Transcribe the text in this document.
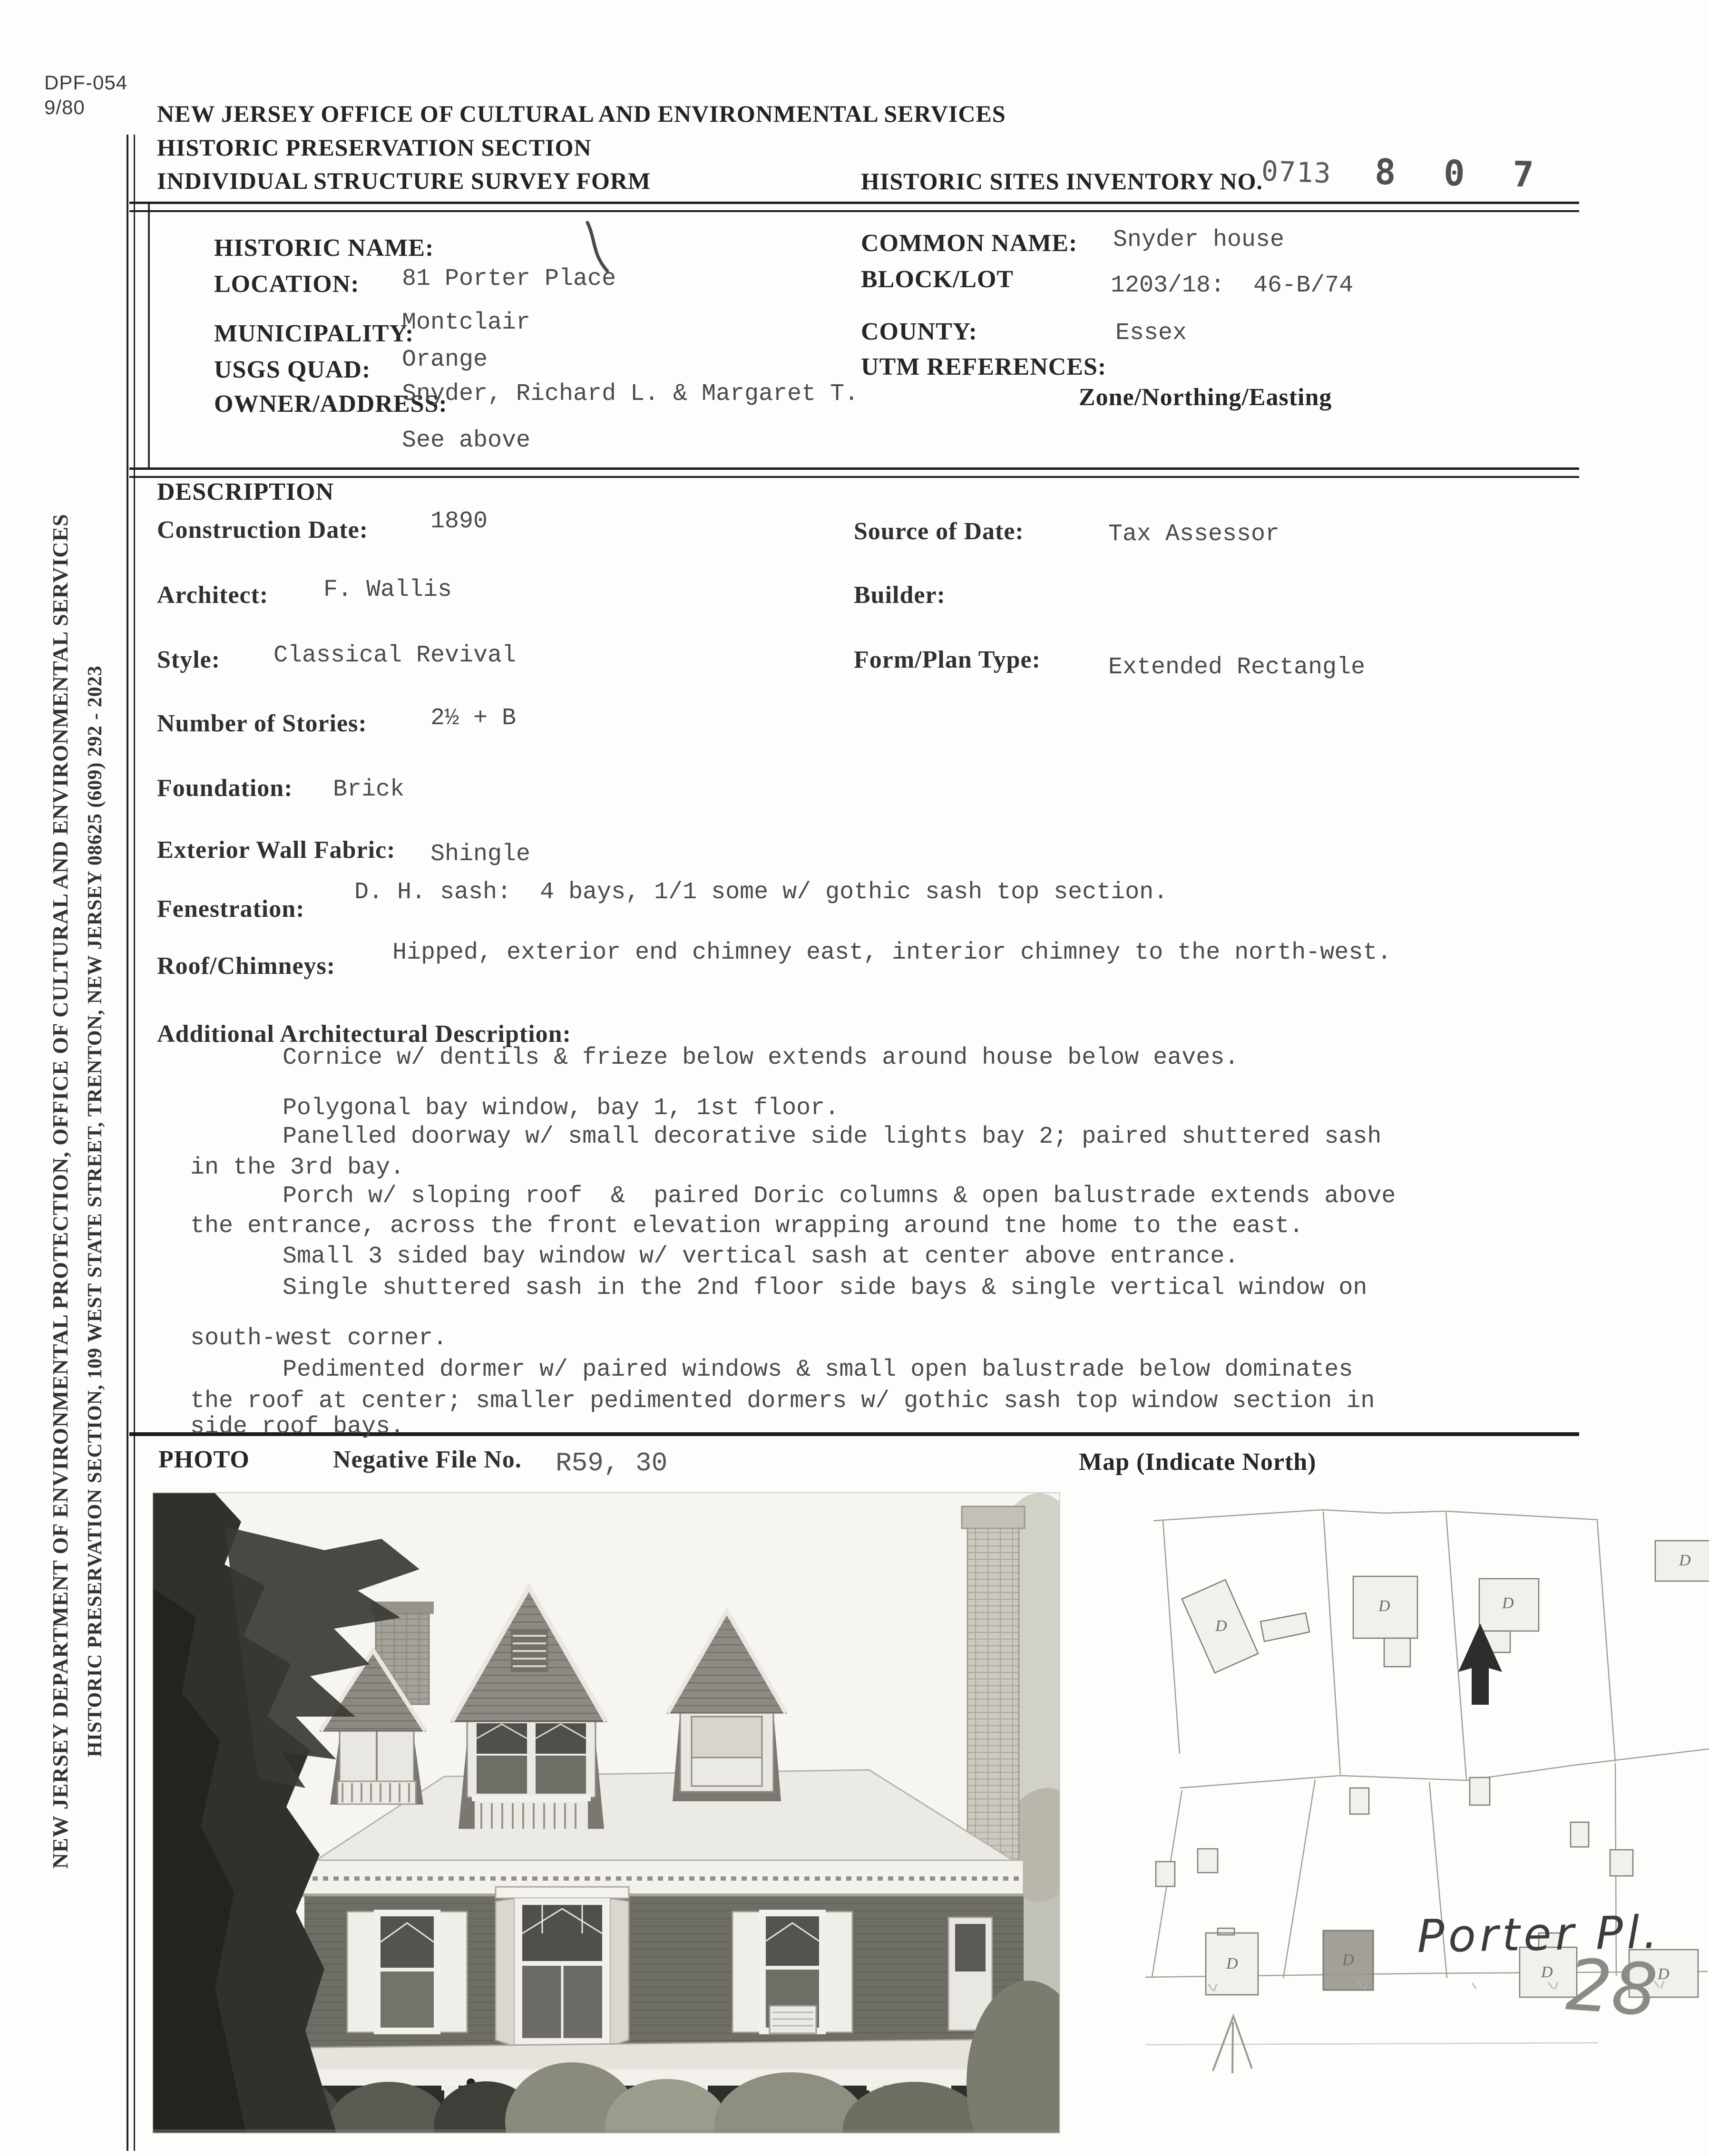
DPF-054
9/80	NEW JERSEY OFFICE OF CULTURAL AND ENVIRONMENTAL SERVICES
HISTORIC PRESERVATION SECTION
INDIVIDUAL STRUCTURE SURVEY FORM	HISTORIC SITES INVENTORY NO.
0713 8 0 7
NEW JERSEY DEPARTMENT OF ENVIRONMENTAL PROTECTION, OFFICE OF CULTURAL AND ENVIRONMENTAL SERVICES HISTORIC PRESERVATION SECTION, 109 WEST STATE STREET, TRENTON, NEW JERSEY 08625 (609) 292 - 2023
HISTORIC NAME:
LOCATION: 81 Porter Place
MUNICIPALITY:
Montclair
USGS QUAD: Orange
OWNER/ADDRESS:
Snyder, Richard L. & Margaret T.
See above
COMMON NAME: Snyder house
BLOCK/LOT	1203/18:  46-B/74
COUNTY:	Essex
UTM REFERENCES:
Zone/Northing/Easting
DESCRIPTION
Construction Date:	1890	Source of Date:	Tax Assessor
Architect: F. Wallis	Builder:
Style: Classical Revival	Form/Plan Type:	Extended Rectangle
Number of Stories:	2½ + B
Foundation: Brick
Exterior Wall Fabric: Shingle
Fenestration:
D. H. sash:  4 bays, 1/1 some w/ gothic sash top section.
Roof/Chimneys: Hipped, exterior end chimney east, interior chimney to the north-west.
Additional Architectural Description:
Cornice w/ dentils & frieze below extends around house below eaves.
Polygonal bay window, bay 1, 1st floor.
Panelled doorway w/ small decorative side lights bay 2; paired shuttered sash
in the 3rd bay.
Porch w/ sloping roof  &  paired Doric columns & open balustrade extends above
the entrance, across the front elevation wrapping around tne home to the east.
Small 3 sided bay window w/ vertical sash at center above entrance.
Single shuttered sash in the 2nd floor side bays & single vertical window on
south-west corner.
Pedimented dormer w/ paired windows & small open balustrade below dominates
the roof at center; smaller pedimented dormers w/ gothic sash top window section in
side roof bays.
PHOTO	Negative File No. R59, 30	Map (Indicate North)
D
D	D
D
D	D
D	D
Porter Pl.
28
